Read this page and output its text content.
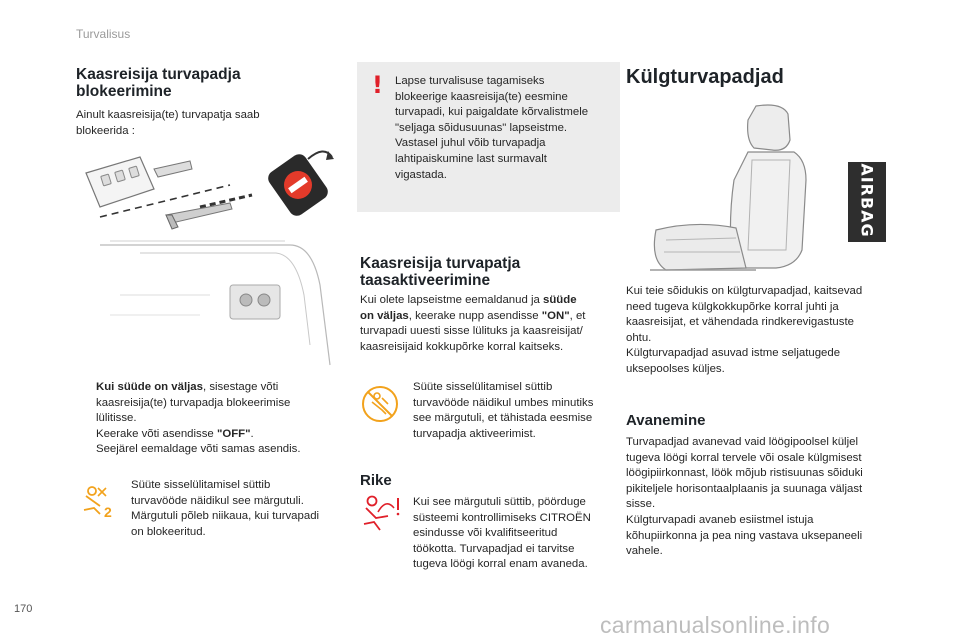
Turvalisus
Kaasreisija turvapadja
blokeerimine

Ainult kaasreisija(te) turvapatja saab

blokeerida :

Kui süüde on väljas, sisestage võti
kaasreisija(te) turvapadja blokeerimise
lülitisse.
Keerake võti asendisse "OFF".
Seejärel eemaldage võti samas asendis.
2

Süüte sisselülitamisel süttib

turvavööde näidikul see märgutuli.

Märgutuli põleb niikaua, kui turvapadi

on blokeeritud.

! Lapse turvalisuse tagamiseks

blokeerige kaasreisija(te) eesmine

turvapadi, kui paigaldate kõrvalistmele

"seljaga sõidusuunas" lapseistme.

Vastasel juhul võib turvapadja

lahtipaiskumine last surmavalt

vigastada.

Kaasreisija turvapatja
taasaktiveerimine

Kui olete lapseistme eemaldanud ja süüde

on väljas, keerake nupp asendisse "ON", et

turvapadi uuesti sisse lülituks ja kaasreisijat/

kaasreisijaid kokkupõrke korral kaitseks.

Süüte sisselülitamisel süttib

turvavööde näidikul umbes minutiks

see märgutuli, et tähistada eesmise

turvapadja aktiveerimist.

Rike

Kui see märgutuli süttib, pöörduge

süsteemi kontrollimiseks CITROËN

esindusse või kvalifitseeritud

töökotta. Turvapadjad ei tarvitse

tugeva löögi korral enam avaneda.

Külgturvapadjad
AIRBAG

Kui teie sõidukis on külgturvapadjad, kaitsevad

need tugeva külgkokkupõrke korral juhti ja

kaasreisijat, et vähendada rindkerevigastuste

ohtu.

Külgturvapadjad asuvad istme seljatugede

uksepoolses küljes.

Avanemine

Turvapadjad avanevad vaid löögipoolsel küljel

tugeva löögi korral tervele või osale külgmisest

löögipiirkonnast, löök mõjub ristisuunas sõiduki

pikiteljele horisontaalplaanis ja suunaga väljast

sisse.

Külgturvapadi avaneb esiistmel istuja

kõhupiirkonna ja pea ning vastava uksepaneeli

vahele.

170
carmanualsonline.info
